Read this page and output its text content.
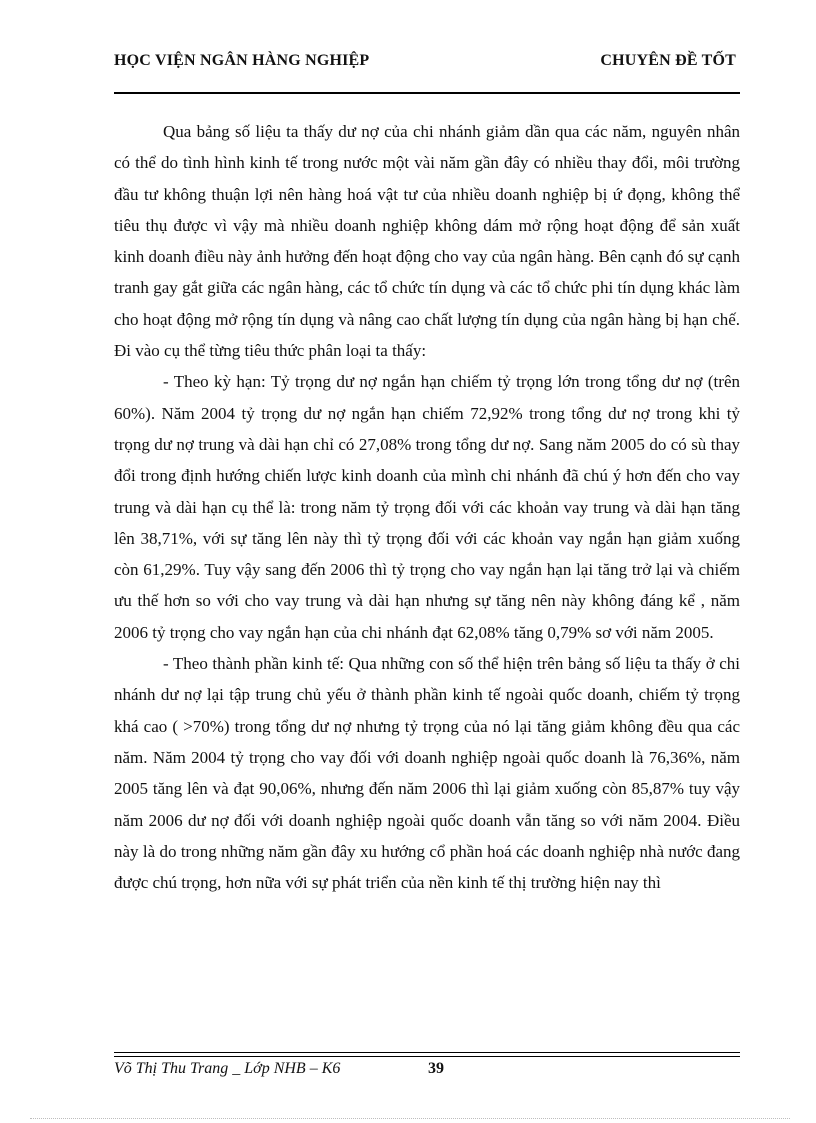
HỌC VIỆN NGÂN HÀNG NGHIỆP	CHUYÊN ĐỀ TỐT

Qua bảng số liệu ta thấy dư nợ của chi nhánh giảm dần qua các năm, nguyên nhân có thể do tình hình kinh tế trong nước một vài năm gần đây có nhiều thay đổi, môi trường đầu tư không thuận lợi nên hàng hoá vật tư của nhiều doanh nghiệp bị ứ đọng, không thể tiêu thụ được vì vậy mà nhiều doanh nghiệp không dám mở rộng hoạt động để sản xuất kinh doanh điều này ảnh hưởng đến hoạt động cho vay của ngân hàng. Bên cạnh đó sự cạnh tranh gay gắt giữa các ngân hàng, các tổ chức tín dụng và các tổ chức phi tín dụng khác làm cho hoạt động mở rộng tín dụng và nâng cao chất lượng tín dụng của ngân hàng bị hạn chế. Đi vào cụ thể từng tiêu thức phân loại ta thấy:

- Theo kỳ hạn: Tỷ trọng dư nợ ngắn hạn chiếm tỷ trọng lớn trong tổng dư nợ (trên 60%). Năm 2004 tỷ trọng dư nợ ngắn hạn chiếm 72,92% trong tổng dư nợ trong khi tỷ trọng dư nợ trung và dài hạn chỉ có 27,08% trong tổng dư nợ. Sang năm 2005 do có sù thay đổi trong định hướng chiến lược kinh doanh của mình chi nhánh đã chú ý hơn đến cho vay trung và dài hạn cụ thể là: trong năm tỷ trọng đối với các khoản vay trung và dài hạn tăng lên 38,71%, với sự tăng lên này thì tỷ trọng đối với các khoản vay ngắn hạn giảm xuống còn 61,29%. Tuy vậy sang đến 2006 thì tỷ trọng cho vay ngắn hạn lại tăng trở lại và chiếm ưu thế hơn so với cho vay trung và dài hạn nhưng sự tăng nên này không đáng kể , năm 2006 tỷ trọng cho vay ngắn hạn của chi nhánh đạt 62,08% tăng 0,79% sơ với năm 2005.

- Theo thành phần kinh tế: Qua những con số thể hiện trên bảng số liệu ta thấy ở chi nhánh dư nợ lại tập trung chủ yếu ở thành phần kinh tế ngoài quốc doanh, chiếm tỷ trọng khá cao ( >70%) trong tổng dư nợ nhưng tỷ trọng của nó lại tăng giảm không đều qua các năm. Năm 2004 tỷ trọng cho vay đối với doanh nghiệp ngoài quốc doanh là 76,36%, năm 2005 tăng lên và đạt 90,06%, nhưng đến năm 2006 thì lại giảm xuống còn 85,87% tuy vậy năm 2006 dư nợ đối với doanh nghiệp ngoài quốc doanh vẫn tăng so với năm 2004. Điều này là do trong những năm gần đây xu hướng cổ phần hoá các doanh nghiệp nhà nước đang được chú trọng, hơn nữa với sự phát triển của nền kinh tế thị trường hiện nay thì

Võ Thị Thu Trang _ Lớp NHB – K6	39
